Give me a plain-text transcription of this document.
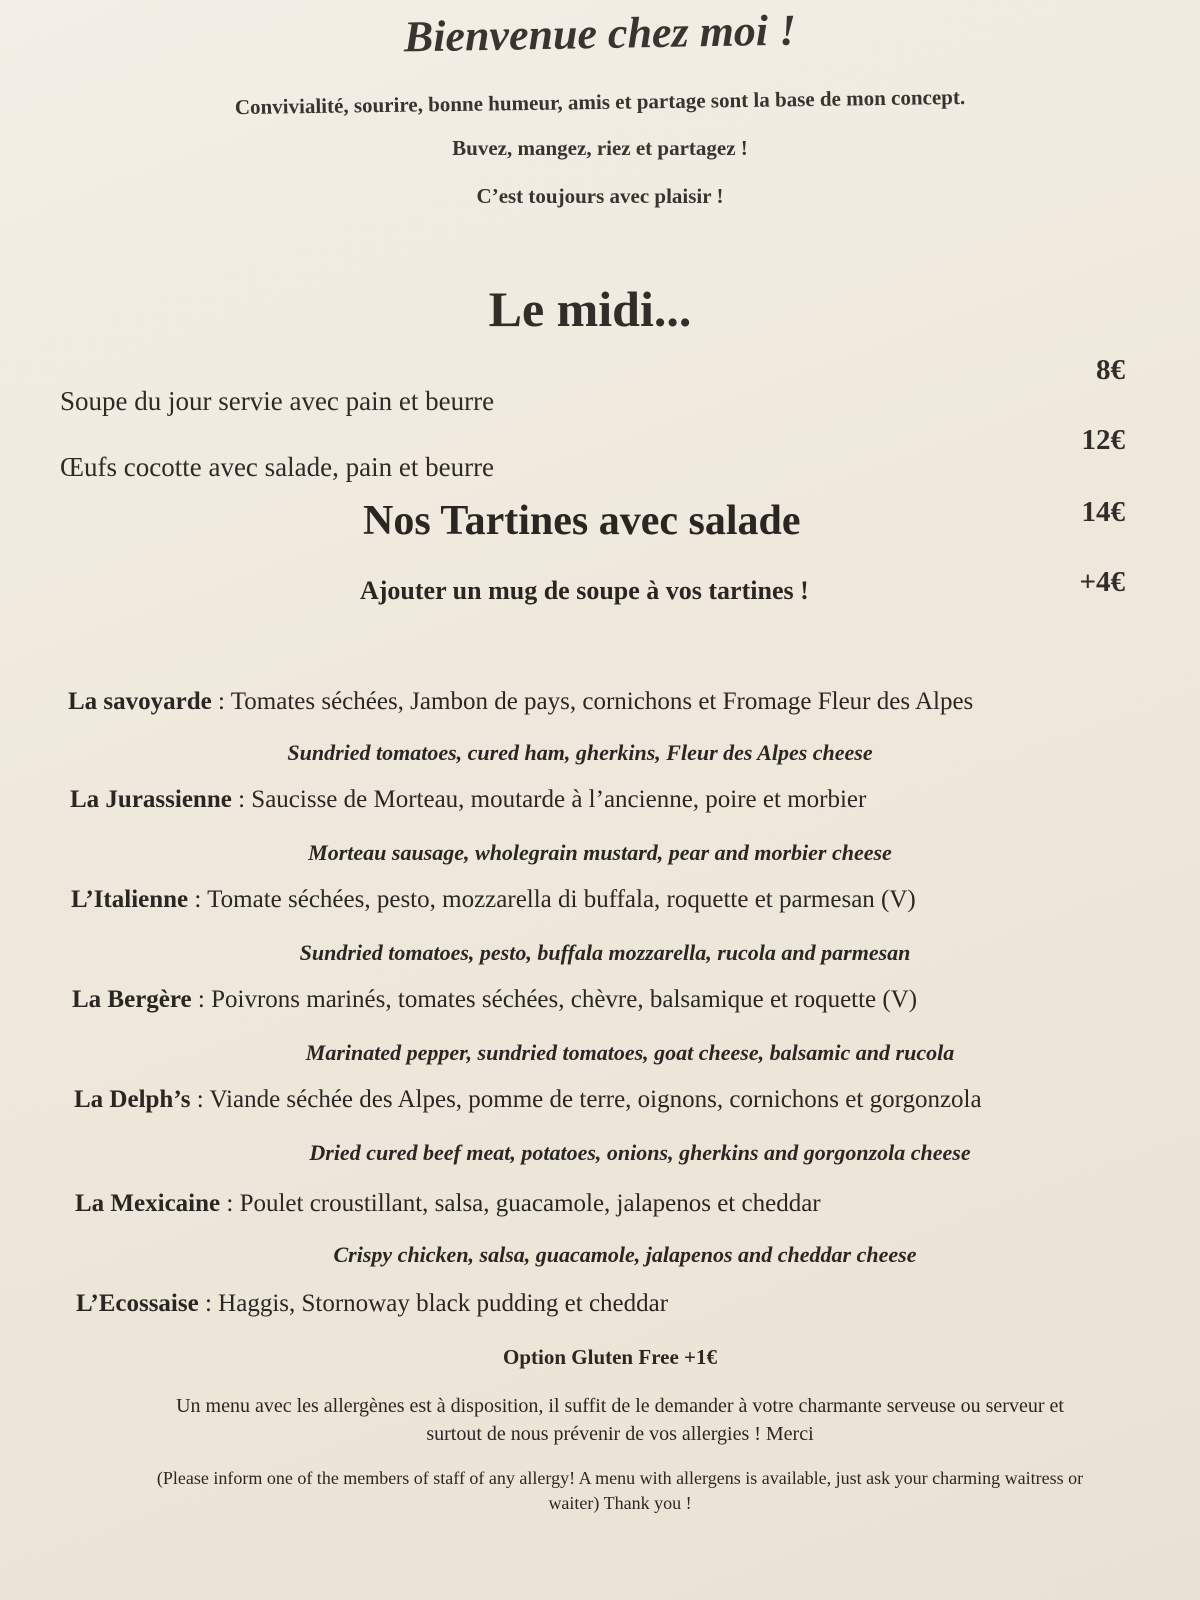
Bienvenue chez moi !
Convivialité, sourire, bonne humeur, amis et partage sont la base de mon concept.
Buvez, mangez, riez et partagez !
C’est toujours avec plaisir !
Le midi...
Soupe du jour servie avec pain et beurre
8€
Œufs cocotte avec salade, pain et beurre
12€
Nos Tartines avec salade	14€
Ajouter un mug de soupe à vos tartines !	+4€
La savoyarde : Tomates séchées, Jambon de pays, cornichons et Fromage Fleur des Alpes
Sundried tomatoes, cured ham, gherkins, Fleur des Alpes cheese
La Jurassienne : Saucisse de Morteau, moutarde à l’ancienne, poire et morbier
Morteau sausage, wholegrain mustard, pear and morbier cheese
L’Italienne : Tomate séchées, pesto, mozzarella di buffala, roquette et parmesan (V)
Sundried tomatoes, pesto, buffala mozzarella, rucola and parmesan
La Bergère : Poivrons marinés, tomates séchées, chèvre, balsamique et roquette (V)
Marinated pepper, sundried tomatoes, goat cheese, balsamic and rucola
La Delph’s : Viande séchée des Alpes, pomme de terre, oignons, cornichons et gorgonzola
Dried cured beef meat, potatoes, onions, gherkins and gorgonzola cheese
La Mexicaine : Poulet croustillant, salsa, guacamole, jalapenos et cheddar
Crispy chicken, salsa, guacamole, jalapenos and cheddar cheese
L’Ecossaise : Haggis, Stornoway black pudding et cheddar
Option Gluten Free +1€
Un menu avec les allergènes est à disposition, il suffit de le demander à votre charmante serveuse ou serveur et
surtout de nous prévenir de vos allergies ! Merci
(Please inform one of the members of staff of any allergy! A menu with allergens is available, just ask your charming waitress or
waiter) Thank you !
